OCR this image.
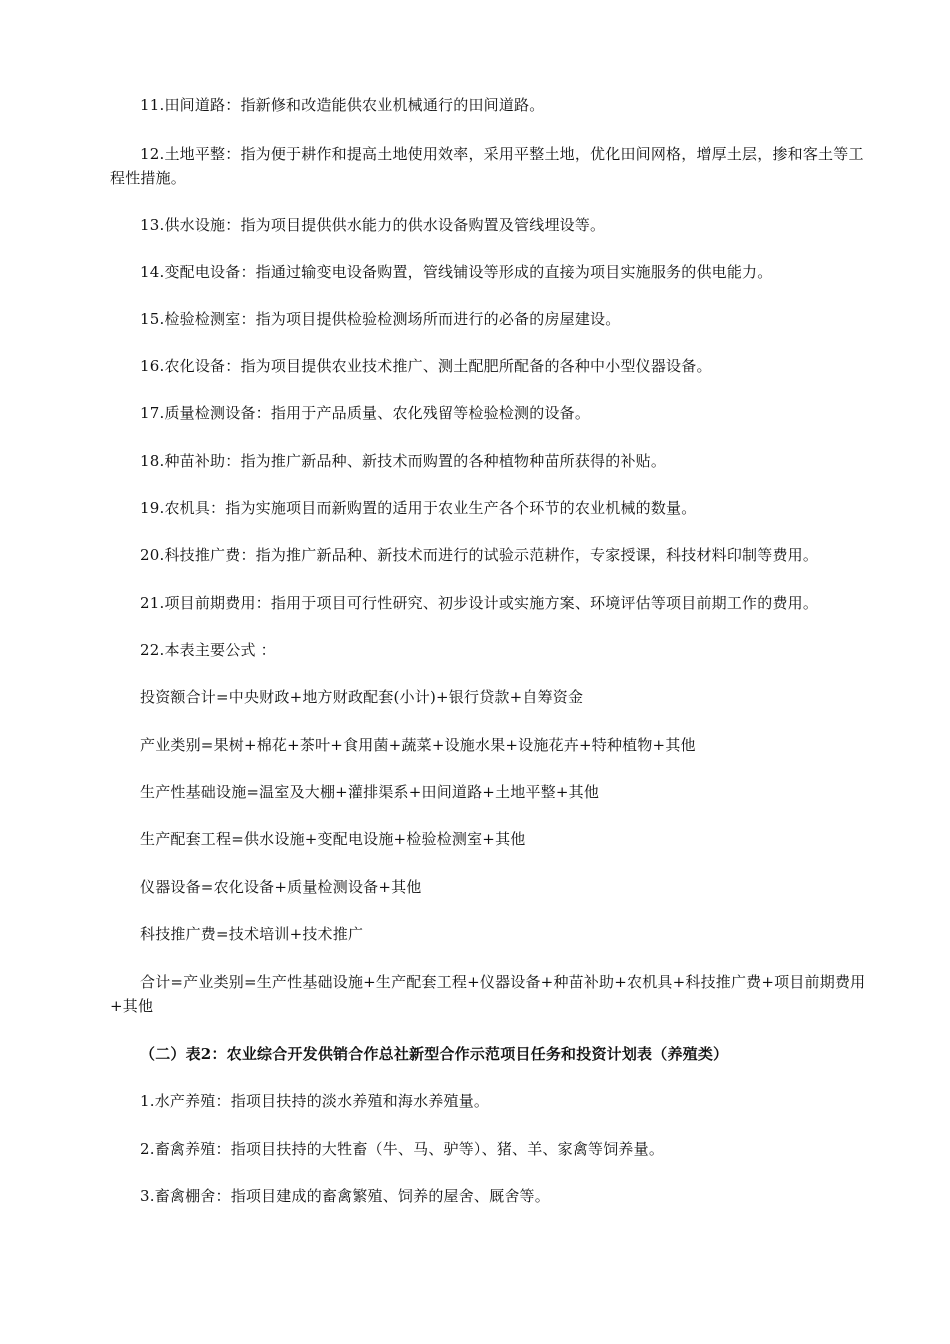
11.田间道路：指新修和改造能供农业机械通行的田间道路。
12.土地平整：指为便于耕作和提高土地使用效率，采用平整土地，优化田间网格，增厚土层，掺和客土等工程性措施。
13.供水设施：指为项目提供供水能力的供水设备购置及管线埋设等。
14.变配电设备：指通过输变电设备购置，管线铺设等形成的直接为项目实施服务的供电能力。
15.检验检测室：指为项目提供检验检测场所而进行的必备的房屋建设。
16.农化设备：指为项目提供农业技术推广、测土配肥所配备的各种中小型仪器设备。
17.质量检测设备：指用于产品质量、农化残留等检验检测的设备。
18.种苗补助：指为推广新品种、新技术而购置的各种植物种苗所获得的补贴。
19.农机具：指为实施项目而新购置的适用于农业生产各个环节的农业机械的数量。
20.科技推广费：指为推广新品种、新技术而进行的试验示范耕作，专家授课，科技材料印制等费用。
21.项目前期费用：指用于项目可行性研究、初步设计或实施方案、环境评估等项目前期工作的费用。
22.本表主要公式 ：
投资额合计=中央财政+地方财政配套(小计)+银行贷款+自筹资金
产业类别=果树+棉花+茶叶+食用菌+蔬菜+设施水果+设施花卉+特种植物+其他
生产性基础设施=温室及大棚+灌排渠系+田间道路+土地平整+其他
生产配套工程=供水设施+变配电设施+检验检测室+其他
仪器设备=农化设备+质量检测设备+其他
科技推广费=技术培训+技术推广
合计=产业类别=生产性基础设施+生产配套工程+仪器设备+种苗补助+农机具+科技推广费+项目前期费用+其他
（二）表2：农业综合开发供销合作总社新型合作示范项目任务和投资计划表（养殖类）
1.水产养殖：指项目扶持的淡水养殖和海水养殖量。
2.畜禽养殖：指项目扶持的大牲畜（牛、马、驴等）、猪、羊、家禽等饲养量。
3.畜禽棚舍：指项目建成的畜禽繁殖、饲养的屋舍、厩舍等。
